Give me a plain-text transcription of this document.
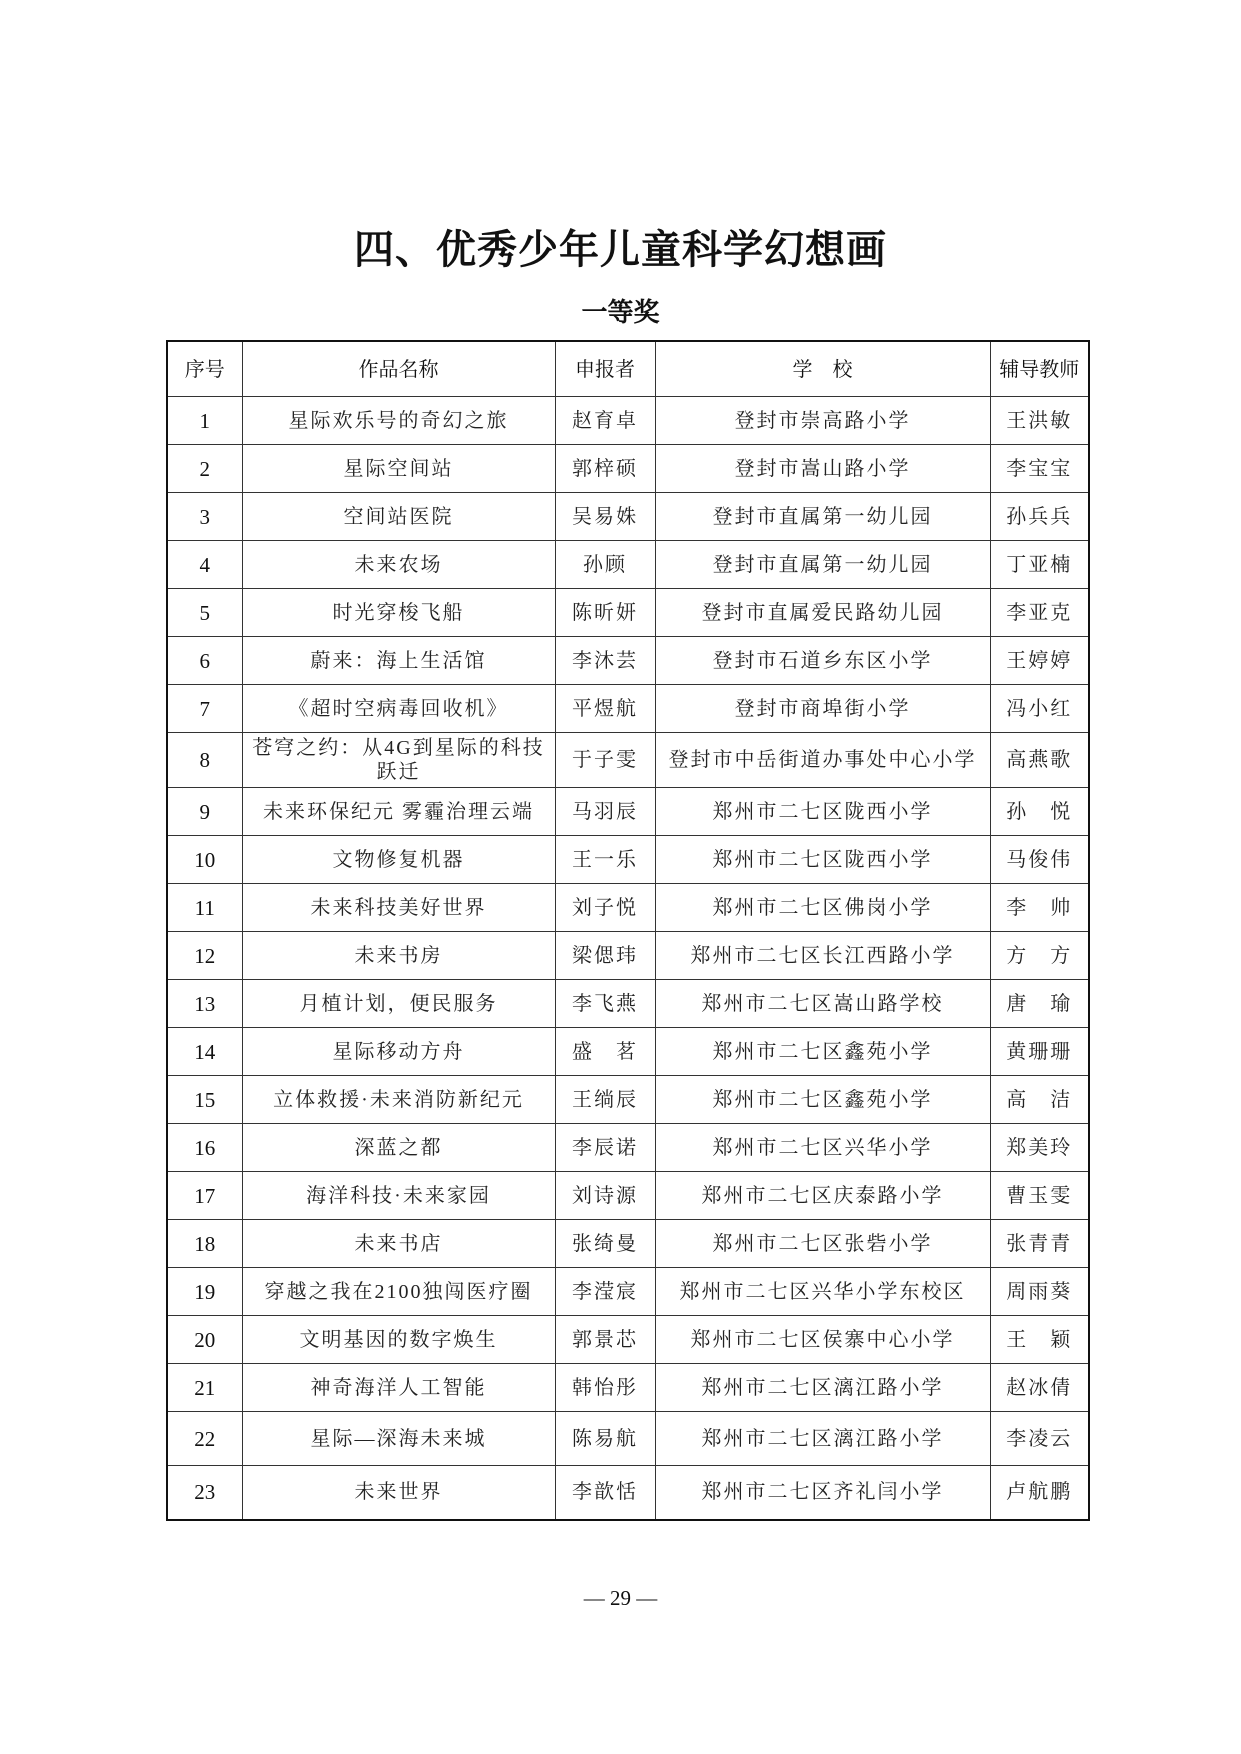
四、优秀少年儿童科学幻想画
一等奖
序号	作品名称	申报者	学　校	辅导教师
1	星际欢乐号的奇幻之旅	赵育卓	登封市崇高路小学	王洪敏
2	星际空间站	郭梓硕	登封市嵩山路小学	李宝宝
3	空间站医院	吴易姝	登封市直属第一幼儿园	孙兵兵
4	未来农场	孙顾	登封市直属第一幼儿园	丁亚楠
5	时光穿梭飞船	陈昕妍	登封市直属爱民路幼儿园	李亚克
6	蔚来：海上生活馆	李沐芸	登封市石道乡东区小学	王婷婷
7	《超时空病毒回收机》	平煜航	登封市商埠街小学	冯小红
8	苍穹之约：从4G到星际的科技跃迁	于子雯	登封市中岳街道办事处中心小学	高燕歌
9	未来环保纪元 雾霾治理云端	马羽辰	郑州市二七区陇西小学	孙　悦
10	文物修复机器	王一乐	郑州市二七区陇西小学	马俊伟
11	未来科技美好世界	刘子悦	郑州市二七区佛岗小学	李　帅
12	未来书房	梁偲玮	郑州市二七区长江西路小学	方　方
13	月植计划，便民服务	李飞燕	郑州市二七区嵩山路学校	唐　瑜
14	星际移动方舟	盛　茗	郑州市二七区鑫苑小学	黄珊珊
15	立体救援·未来消防新纪元	王绱辰	郑州市二七区鑫苑小学	高　洁
16	深蓝之都	李辰诺	郑州市二七区兴华小学	郑美玲
17	海洋科技·未来家园	刘诗源	郑州市二七区庆泰路小学	曹玉雯
18	未来书店	张绮曼	郑州市二七区张砦小学	张青青
19	穿越之我在2100独闯医疗圈	李滢宸	郑州市二七区兴华小学东校区	周雨葵
20	文明基因的数字焕生	郭景芯	郑州市二七区侯寨中心小学	王　颖
21	神奇海洋人工智能	韩怡彤	郑州市二七区漓江路小学	赵冰倩
22	星际—深海未来城	陈易航	郑州市二七区漓江路小学	李凌云
23	未来世界	李歆恬	郑州市二七区齐礼闫小学	卢航鹏
— 29 —
